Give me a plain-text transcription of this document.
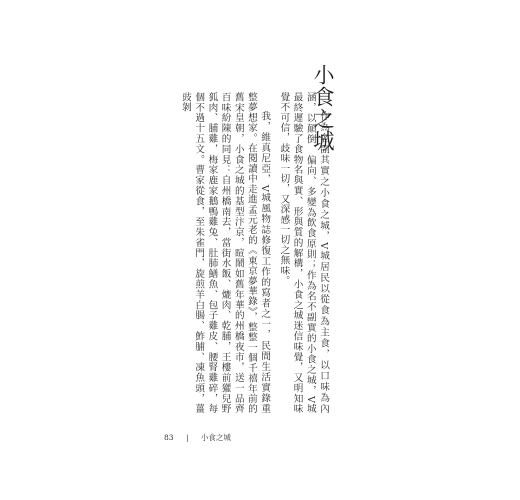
小食之城

作為名副其實之小食之城，V城居民以從食為主食，以口味為內涵，以顛倒、偏向、多變為飲食原則；作為名不副實的小食之城，V城最終遲驗了食物名與實、形與質的解構，小食之城迷信味覺，又明知味覺不可信，歧味一切，又深感一切之無味。

我，維真尼亞，V城風物誌修復工作的寫者之一，民間生活實錄重整夢想家。在閱讀中走進孟元老的《東京夢華錄》，整整一個千禧年前的舊宋皇朝，小食之城的基型汴京，暄鬧如舊年華的州橋夜市，送一品齊百味紛陳的同見：自州橋南去，當街水飯、熝肉、乾脯，王樓前獾兒野狐肉、脯雞，梅家鹿家鵝鴨雞兔、肚肺鱔魚、包子雞皮、腰腎雞碎，每個不過十五文。曹家從食，至朱雀門，旋煎羊白腸、鮓脯、凍魚頭，薑豉剝

83 | 小食之城
